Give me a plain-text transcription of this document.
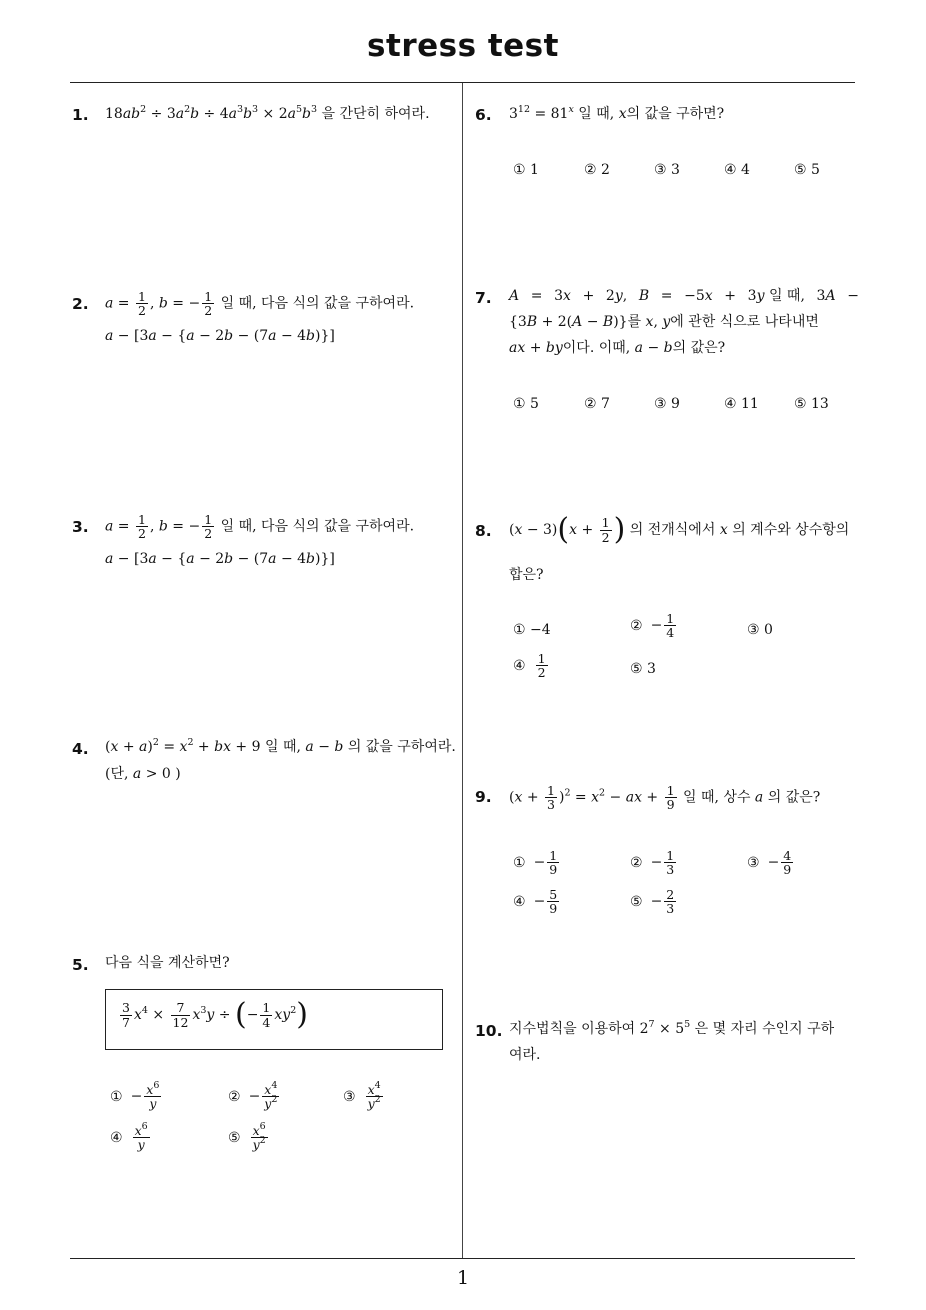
stress test
1
1. $18ab^2 \div 3a^2b \div 4a^3b^3 \times 2a^5b^3$ 을 간단히 하여라.
2. $a = \frac{1}{2}$ , b = − $\frac{1}{2}$ 일 때, 다음 식의 값을 구하여라.
a − [3a − {a − 2b − (7a − 4b)}]
3. $a = \frac{1}{2}$ , b = − $\frac{1}{2}$ 일 때, 다음 식의 값을 구하여라.
a − [3a − {a − 2b − (7a − 4b)}]
4. $(x + a)^2 = x^2$ + bx + 9 일 때, a − b 의 값을 구하여라.
(단, a > 0 )
5. 다음 식을 계산하면?
$\frac{3}{7} x^4 \times \frac{7}{12} x^3y$ ÷ (− $\frac{1}{4} xy^2$)
① − $\frac{x^6}{y}$	② − $\frac{x^4}{y^2}$	③ $\frac{x^4}{y^2}$
④ $\frac{x^6}{y}$	⑤ $\frac{x^6}{y^2}$
6. $3^{12} = 81^x$ 일 때, x의 값을 구하면?
① 1	② 2	③ 3	④ 4	⑤ 5
7. A = 3x + 2y, B = −5x + 3y 일 때, 3A −
{3B + 2(A − B)}를 x, y에 관한 식으로 나타내면
ax + by이다. 이때, a − b의 값은?
① 5	② 7	③ 9	④ 11	⑤ 13
8. $(x - 3)(x + \frac{1}{2}$ ) 의 전개식에서 x 의 계수와 상수항의
합은?
① −4	② − $\frac{1}{4}$	③ 0
④ $\frac{1}{2}$	⑤ 3
9. $(x + \frac{1}{3} )^2 = x^2$ − ax + $\frac{1}{9}$ 일 때, 상수 a 의 값은?
① − $\frac{1}{9}$	② − $\frac{1}{3}$	③ − $\frac{4}{9}$
④ − $\frac{5}{9}$	⑤ − $\frac{2}{3}$
10. 지수법칙을 이용하여 $2^7 \times 5^5$ 은 몇 자리 수인지 구하
여라.
